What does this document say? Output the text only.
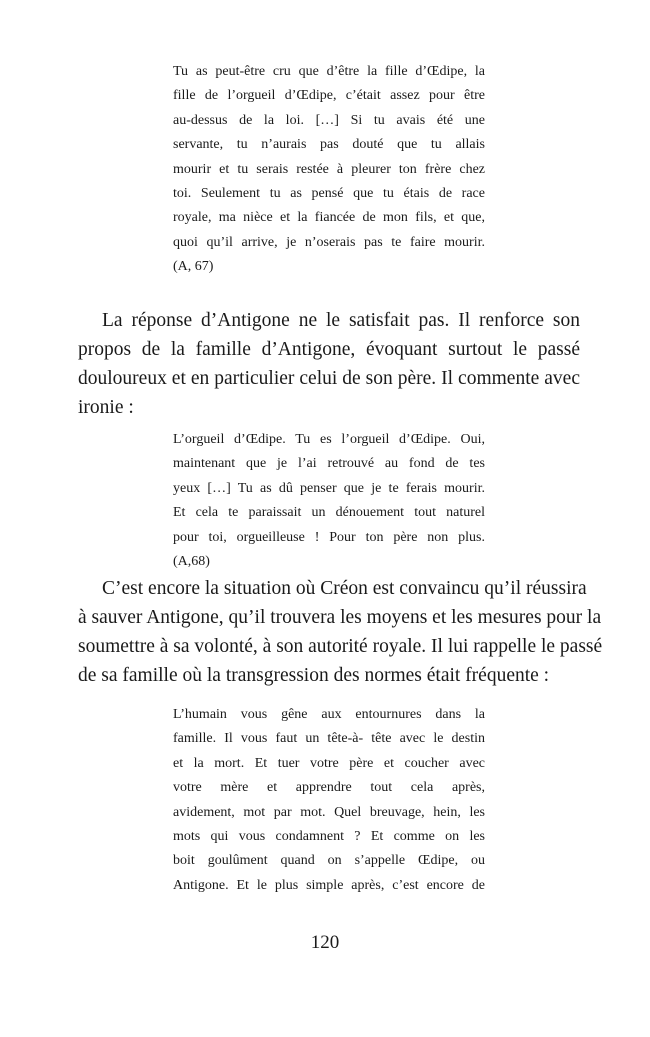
Tu as peut-être cru que d’être la fille d’Œdipe, la
fille de l’orgueil d’Œdipe, c’était assez pour être
au-dessus de la loi. […] Si tu avais été une
servante, tu n’aurais pas douté que tu allais
mourir et tu serais restée à pleurer ton frère chez
toi. Seulement tu as pensé que tu étais de race
royale, ma nièce et la fiancée de mon fils, et que,
quoi qu’il arrive, je n’oserais pas te faire mourir.
(A, 67)
La réponse d’Antigone ne le satisfait pas. Il renforce son
propos de la famille d’Antigone, évoquant surtout le passé
douloureux et en particulier celui de son père. Il commente avec
ironie :
L’orgueil d’Œdipe. Tu es l’orgueil d’Œdipe. Oui,
maintenant que je l’ai retrouvé au fond de tes
yeux […] Tu as dû penser que je te ferais mourir.
Et cela te paraissait un dénouement tout naturel
pour toi, orgueilleuse ! Pour ton père non plus.
(A,68)
C’est encore la situation où Créon est convaincu qu’il réussira
à sauver Antigone, qu’il trouvera les moyens et les mesures pour la
soumettre à sa volonté, à son autorité royale. Il lui rappelle le passé
de sa famille où la transgression des normes était fréquente :
L’humain vous gêne aux entournures dans la
famille. Il vous faut un tête-à- tête avec le destin
et la mort. Et tuer votre père et coucher avec
votre mère et apprendre tout cela après,
avidement, mot par mot. Quel breuvage, hein, les
mots qui vous condamnent ? Et comme on les
boit goulûment quand on s’appelle Œdipe, ou
Antigone. Et le plus simple après, c’est encore de
120
